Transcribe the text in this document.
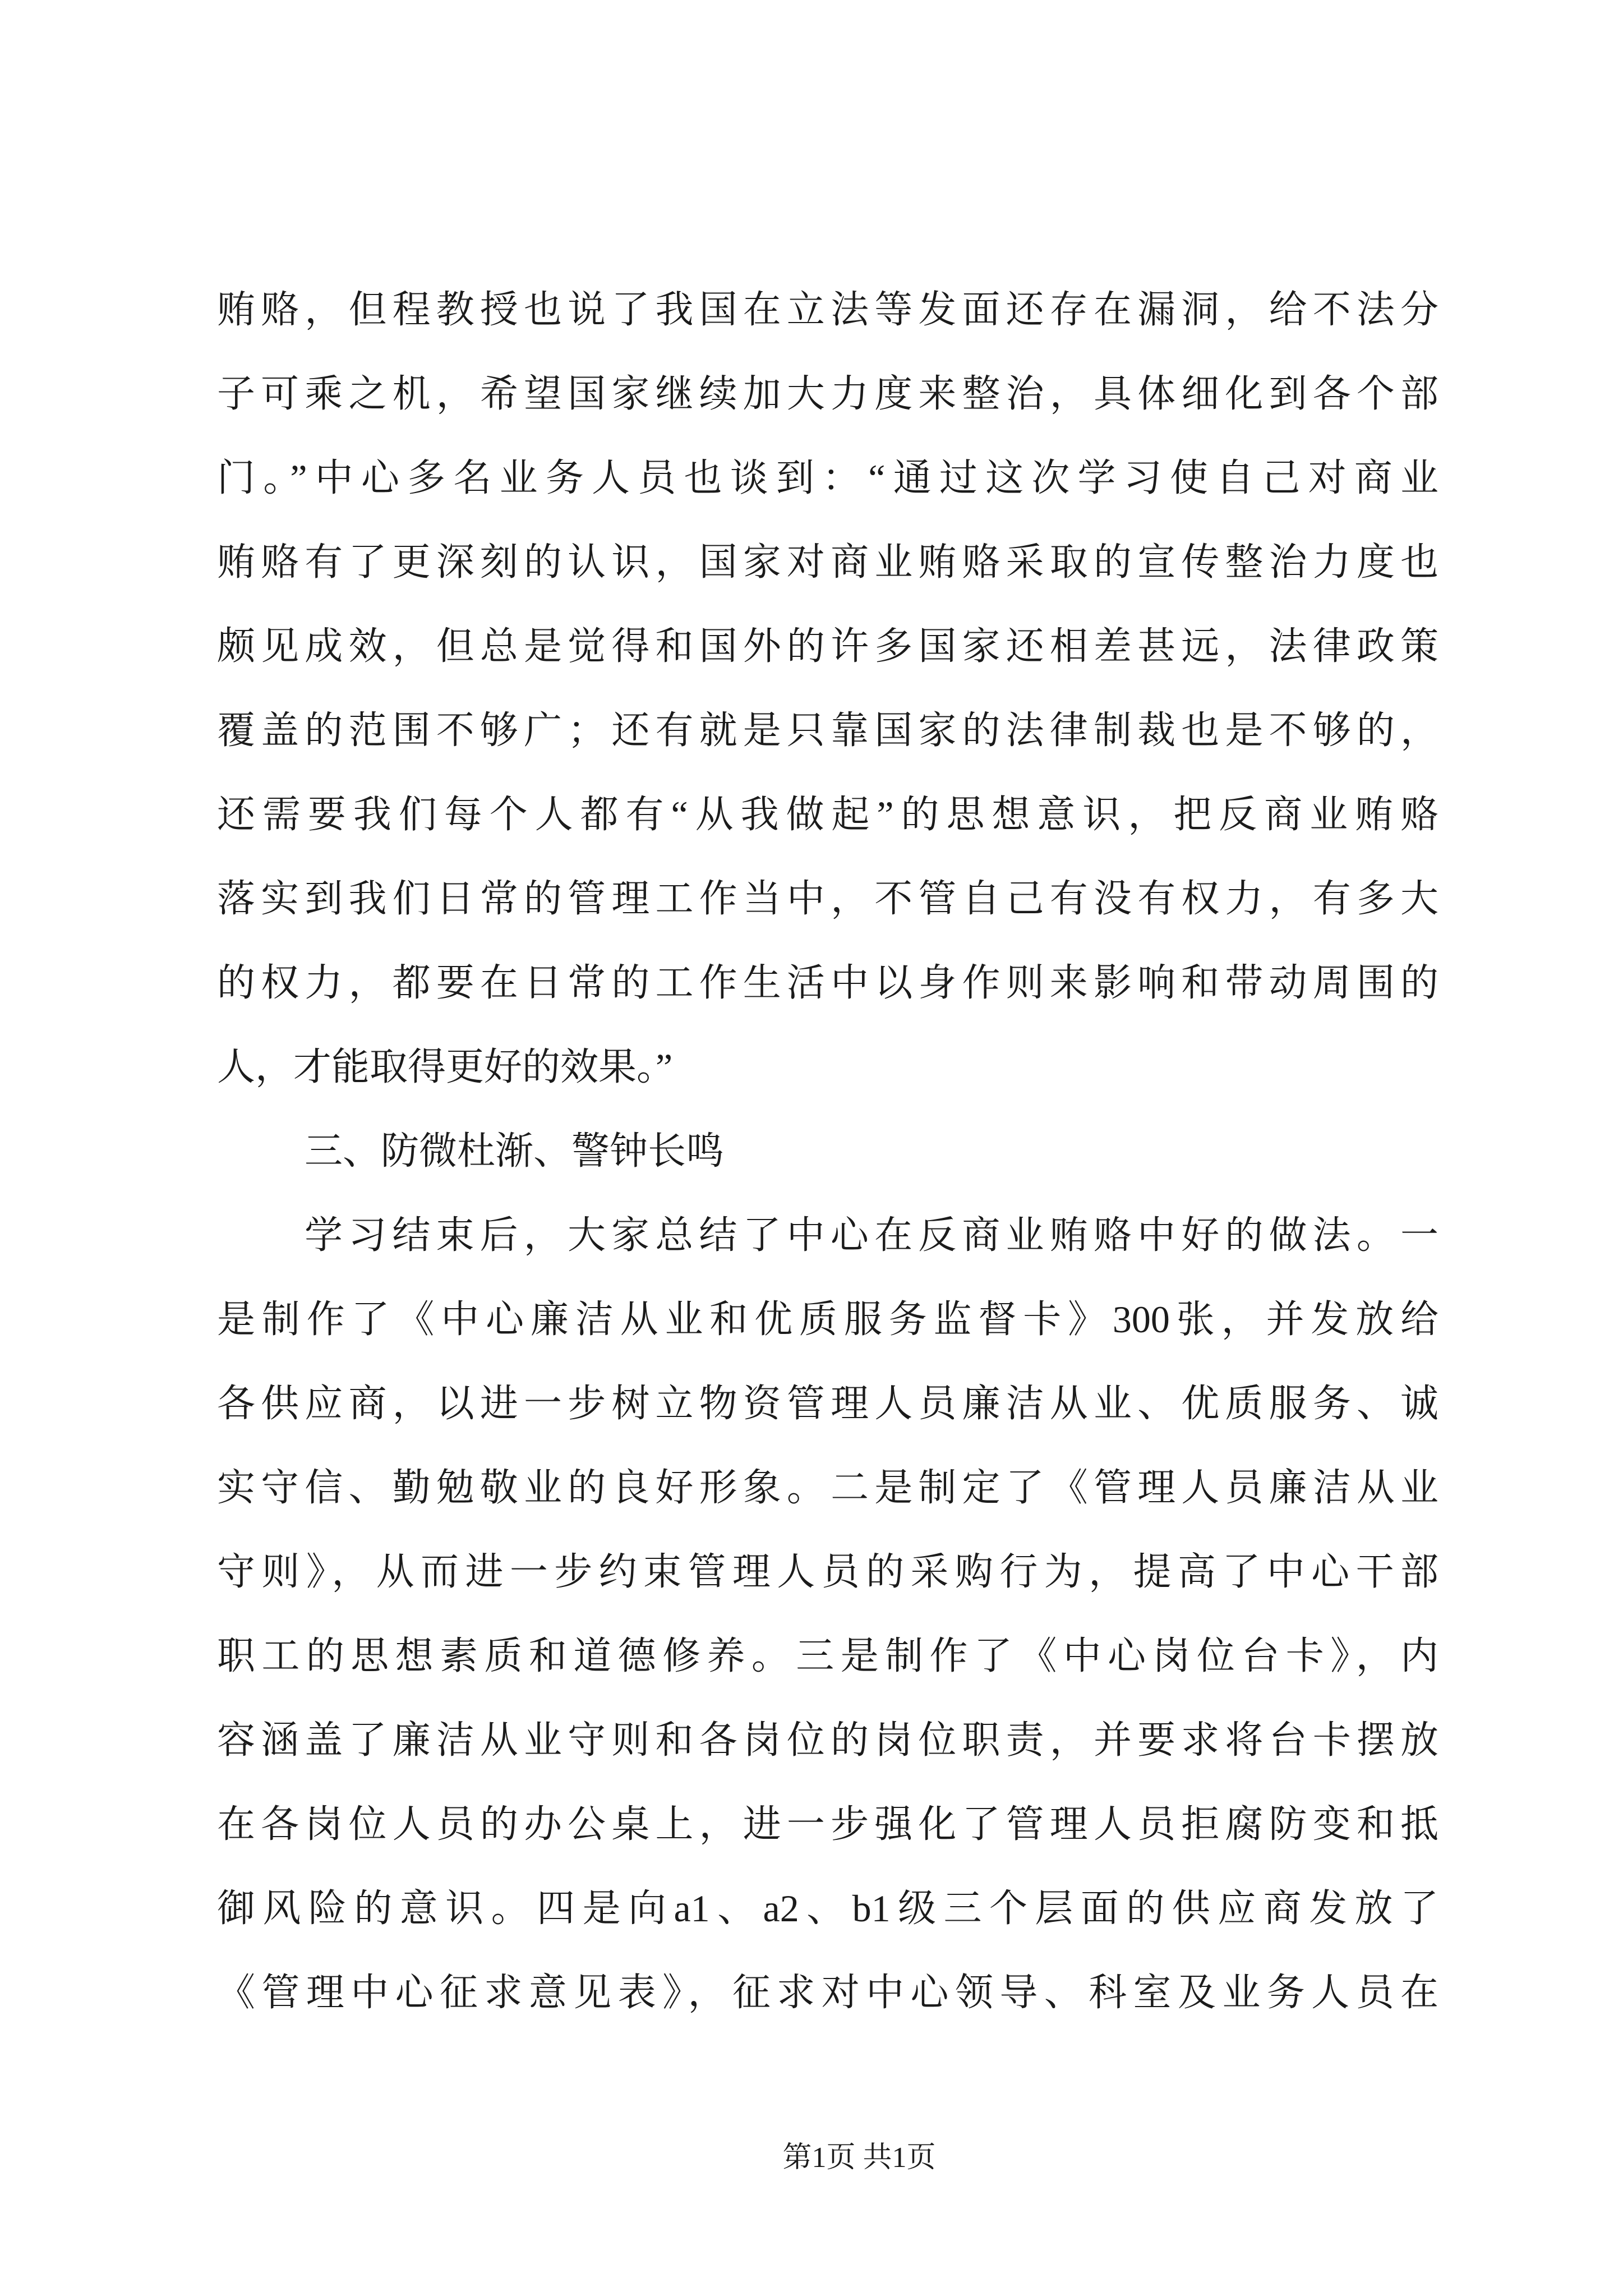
贿赂，但程教授也说了我国在立法等发面还存在漏洞，给不法分
子可乘之机，希望国家继续加大力度来整治，具体细化到各个部
门。”中心多名业务人员也谈到：“通过这次学习使自己对商业
贿赂有了更深刻的认识，国家对商业贿赂采取的宣传整治力度也
颇见成效，但总是觉得和国外的许多国家还相差甚远，法律政策
覆盖的范围不够广；还有就是只靠国家的法律制裁也是不够的，
还需要我们每个人都有“从我做起”的思想意识，把反商业贿赂
落实到我们日常的管理工作当中，不管自己有没有权力，有多大
的权力，都要在日常的工作生活中以身作则来影响和带动周围的
人，才能取得更好的效果。”
三、防微杜渐、警钟长鸣
学习结束后，大家总结了中心在反商业贿赂中好的做法。一
是制作了《中心廉洁从业和优质服务监督卡》300张，并发放给
各供应商，以进一步树立物资管理人员廉洁从业、优质服务、诚
实守信、勤勉敬业的良好形象。二是制定了《管理人员廉洁从业
守则》，从而进一步约束管理人员的采购行为，提高了中心干部
职工的思想素质和道德修养。三是制作了《中心岗位台卡》，内
容涵盖了廉洁从业守则和各岗位的岗位职责，并要求将台卡摆放
在各岗位人员的办公桌上，进一步强化了管理人员拒腐防变和抵
御风险的意识。四是向a1、a2、b1级三个层面的供应商发放了
《管理中心征求意见表》，征求对中心领导、科室及业务人员在
第1页 共1页
